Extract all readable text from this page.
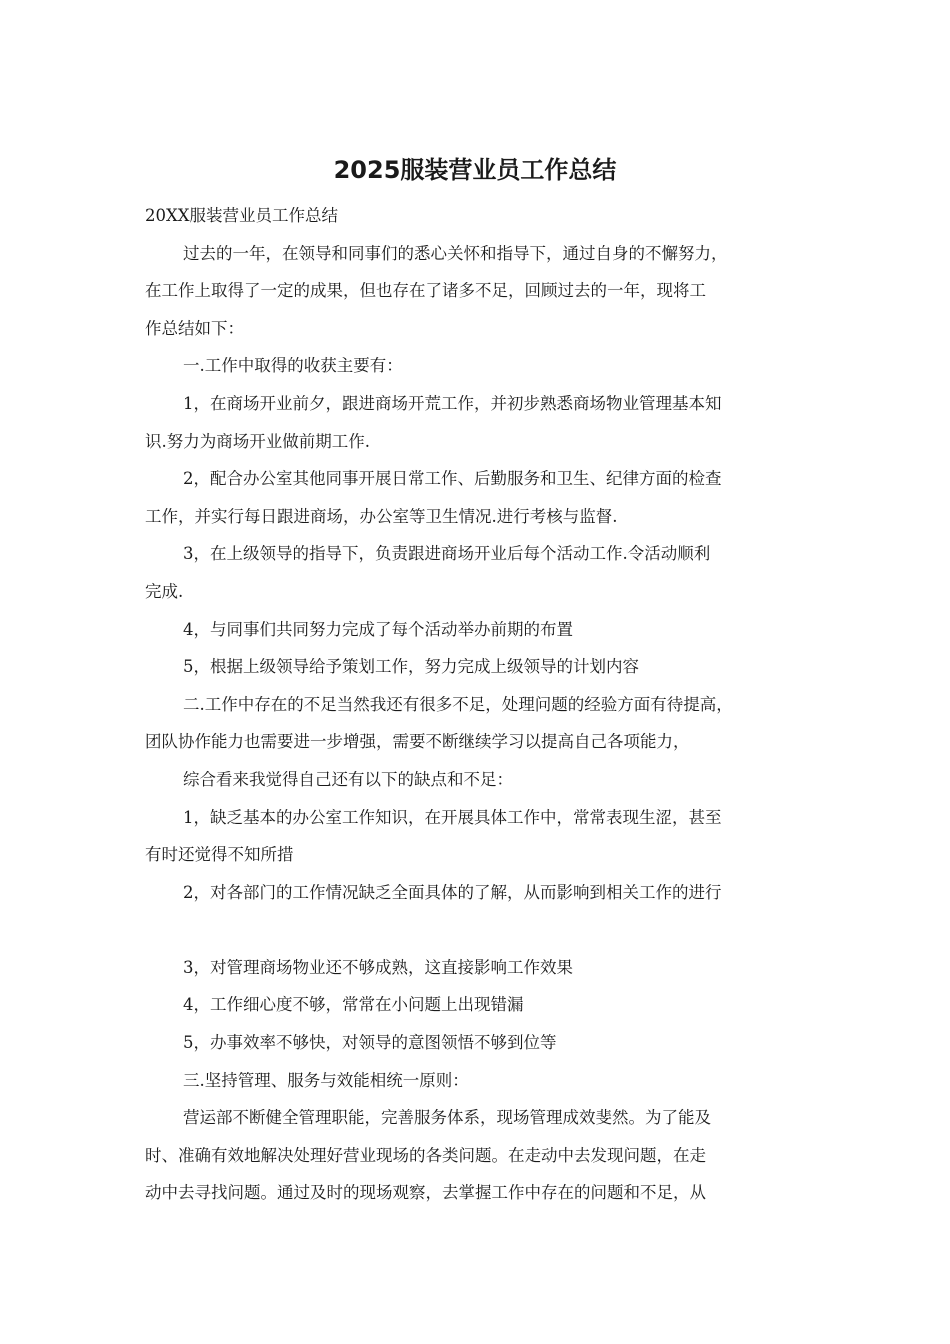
2025服装营业员工作总结

20XX服装营业员工作总结

过去的一年，在领导和同事们的悉心关怀和指导下，通过自身的不懈努力，

在工作上取得了一定的成果，但也存在了诸多不足，回顾过去的一年，现将工

作总结如下：

一.工作中取得的收获主要有：

1，在商场开业前夕，跟进商场开荒工作，并初步熟悉商场物业管理基本知

识.努力为商场开业做前期工作.

2，配合办公室其他同事开展日常工作、后勤服务和卫生、纪律方面的检查

工作，并实行每日跟进商场，办公室等卫生情况.进行考核与监督.

3，在上级领导的指导下，负责跟进商场开业后每个活动工作.令活动顺利

完成.

4，与同事们共同努力完成了每个活动举办前期的布置

5，根据上级领导给予策划工作，努力完成上级领导的计划内容

二.工作中存在的不足当然我还有很多不足，处理问题的经验方面有待提高，

团队协作能力也需要进一步增强，需要不断继续学习以提高自己各项能力，

综合看来我觉得自己还有以下的缺点和不足：

1，缺乏基本的办公室工作知识，在开展具体工作中，常常表现生涩，甚至

有时还觉得不知所措

2，对各部门的工作情况缺乏全面具体的了解，从而影响到相关工作的进行

3，对管理商场物业还不够成熟，这直接影响工作效果

4，工作细心度不够，常常在小问题上出现错漏

5，办事效率不够快，对领导的意图领悟不够到位等

三.坚持管理、服务与效能相统一原则：

营运部不断健全管理职能，完善服务体系，现场管理成效斐然。为了能及

时、准确有效地解决处理好营业现场的各类问题。在走动中去发现问题，在走

动中去寻找问题。通过及时的现场观察，去掌握工作中存在的问题和不足，从
